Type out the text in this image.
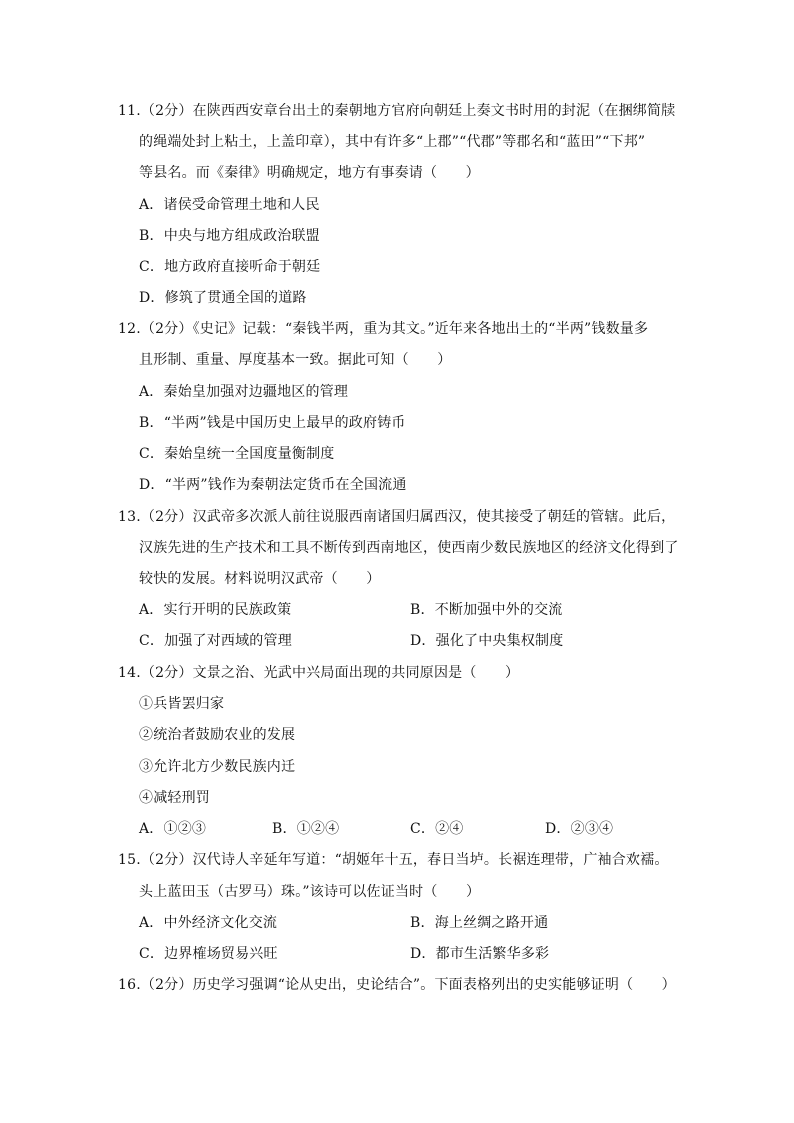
11.（2分）在陕西西安章台出土的秦朝地方官府向朝廷上奏文书时用的封泥（在捆绑简牍
的绳端处封上粘土，上盖印章），其中有许多“上郡”“代郡”等郡名和“蓝田”“下邦”
等县名。而《秦律》明确规定，地方有事奏请（　　）
A．诸侯受命管理土地和人民
B．中央与地方组成政治联盟
C．地方政府直接听命于朝廷
D．修筑了贯通全国的道路
12.（2分）《史记》记载：“秦钱半两，重为其文。”近年来各地出土的“半两”钱数量多
且形制、重量、厚度基本一致。据此可知（　　）
A．秦始皇加强对边疆地区的管理
B．“半两”钱是中国历史上最早的政府铸币
C．秦始皇统一全国度量衡制度
D．“半两”钱作为秦朝法定货币在全国流通
13.（2分）汉武帝多次派人前往说服西南诸国归属西汉，使其接受了朝廷的管辖。此后，
汉族先进的生产技术和工具不断传到西南地区，使西南少数民族地区的经济文化得到了
较快的发展。材料说明汉武帝（　　）
A．实行开明的民族政策	B．不断加强中外的交流
C．加强了对西域的管理	D．强化了中央集权制度
14.（2分）文景之治、光武中兴局面出现的共同原因是（　　）
①兵皆罢归家
②统治者鼓励农业的发展
③允许北方少数民族内迁
④减轻刑罚
A．①②③	B．①②④	C．②④	D．②③④
15.（2分）汉代诗人辛延年写道：“胡姬年十五，春日当垆。长裾连理带，广袖合欢襦。
头上蓝田玉（古罗马）珠。”该诗可以佐证当时（　　）
A．中外经济文化交流	B．海上丝绸之路开通
C．边界榷场贸易兴旺	D．都市生活繁华多彩
16.（2分）历史学习强调“论从史出，史论结合”。下面表格列出的史实能够证明（　　）
